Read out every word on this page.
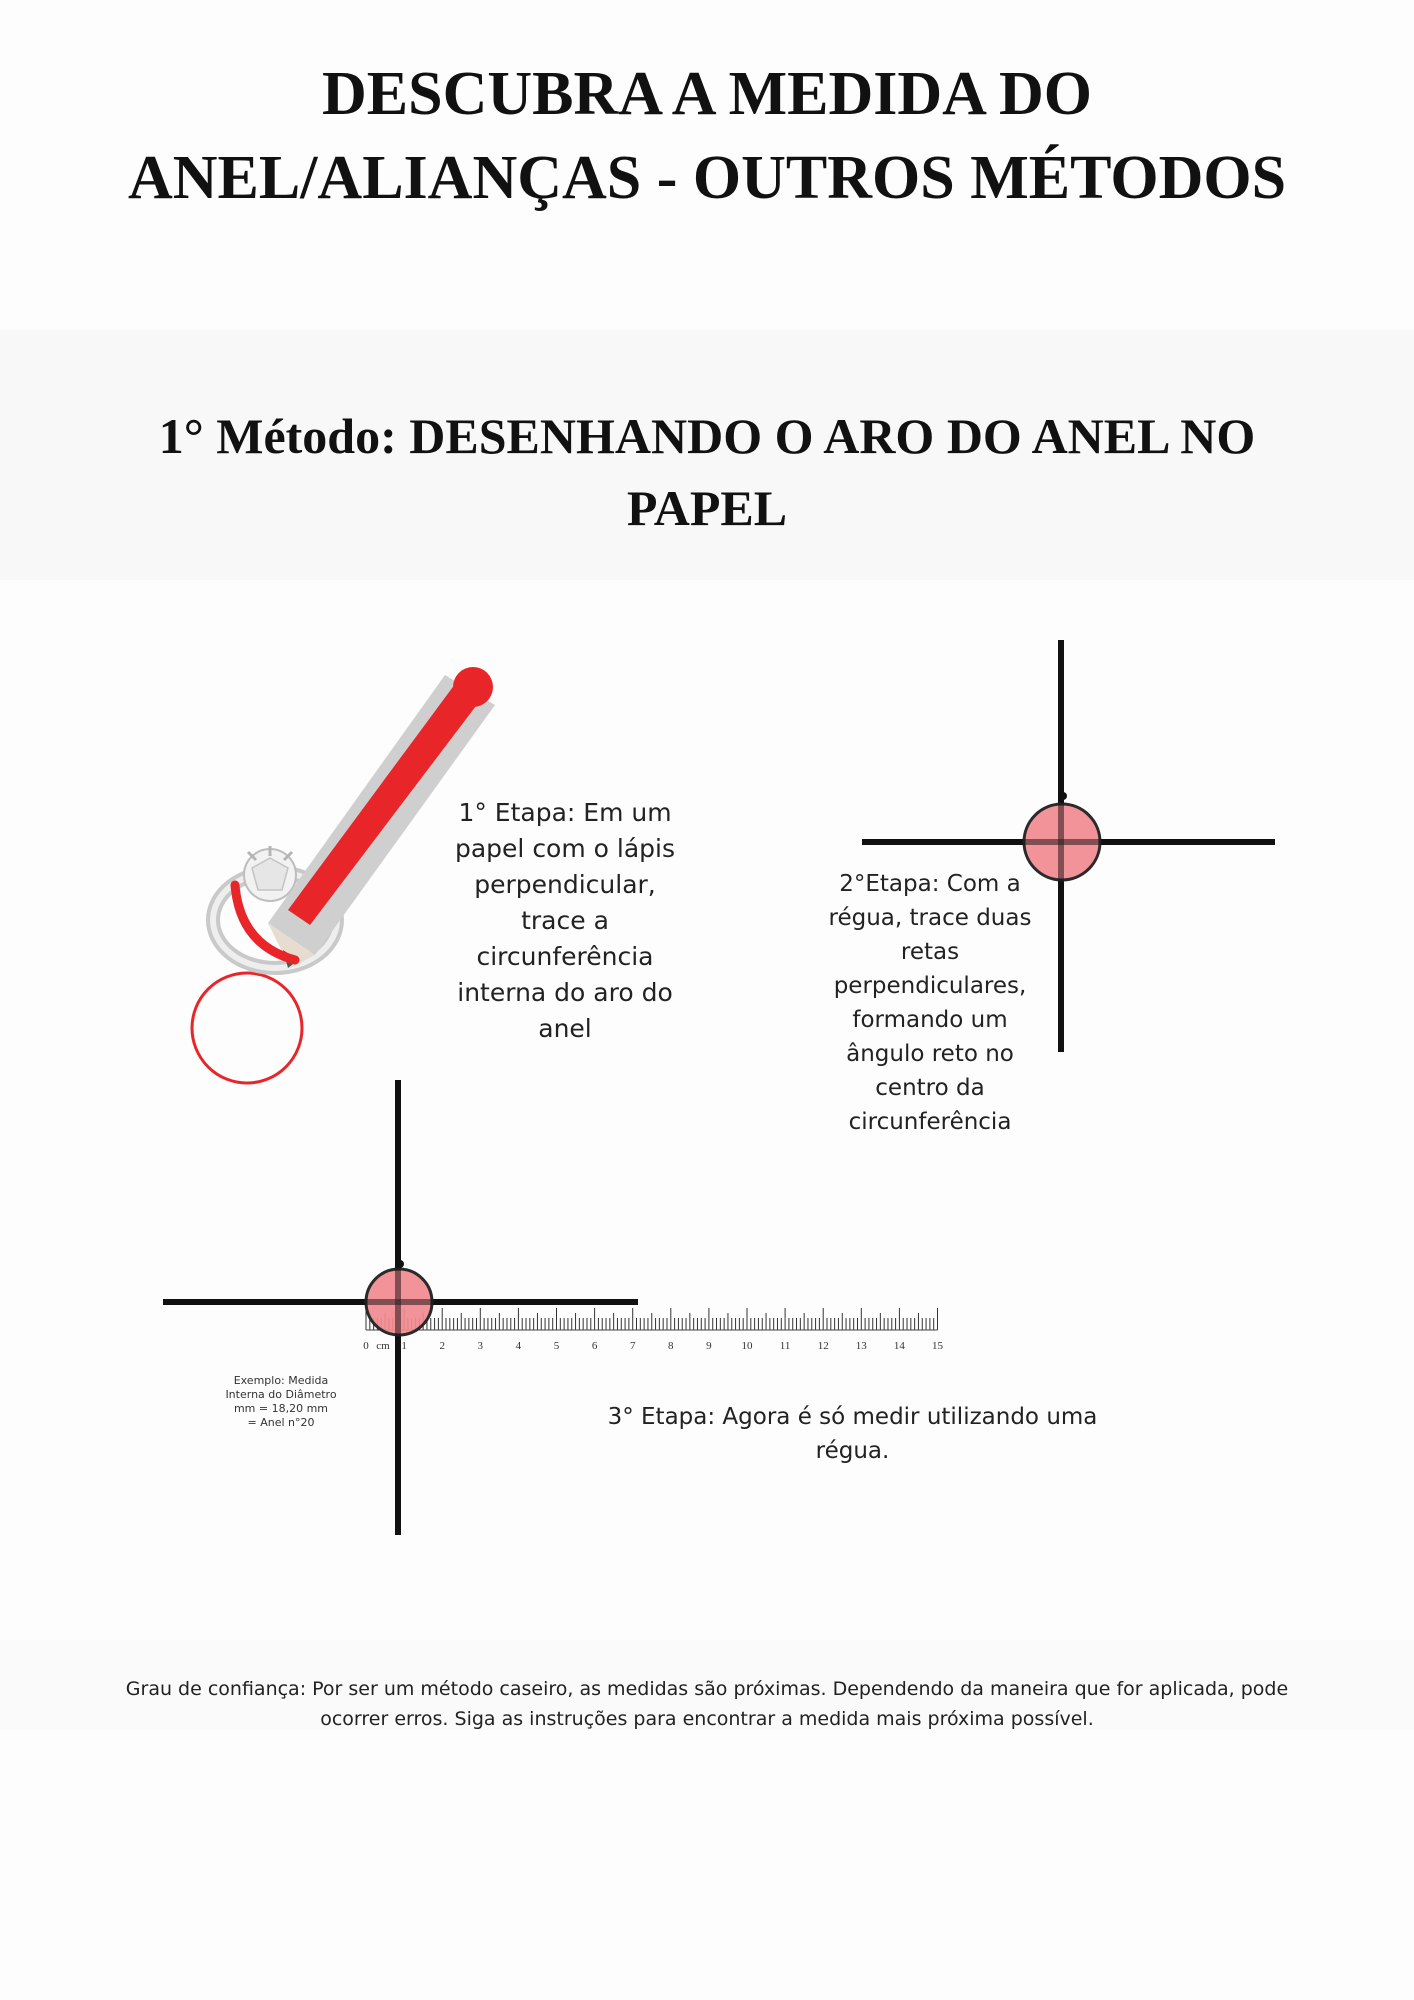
DESCUBRA A MEDIDA DO
ANEL/ALIANÇAS - OUTROS MÉTODOS
1° Método: DESENHANDO O ARO DO ANEL NO
PAPEL
0	1	2	3	4	5	6	7	8	9	10 11 12 13 14 15
cm
1° Etapa: Em um
papel com o lápis
perpendicular,
trace a
circunferência
interna do aro do
anel
2°Etapa: Com a
régua, trace duas
retas
perpendiculares,
formando um
ângulo reto no
centro da
circunferência
Exemplo: Medida
Interna do Diâmetro
mm = 18,20 mm
= Anel n°20	3° Etapa: Agora é só medir utilizando uma
régua.
Grau de confiança: Por ser um método caseiro, as medidas são próximas. Dependendo da maneira que for aplicada, pode
ocorrer erros. Siga as instruções para encontrar a medida mais próxima possível.
